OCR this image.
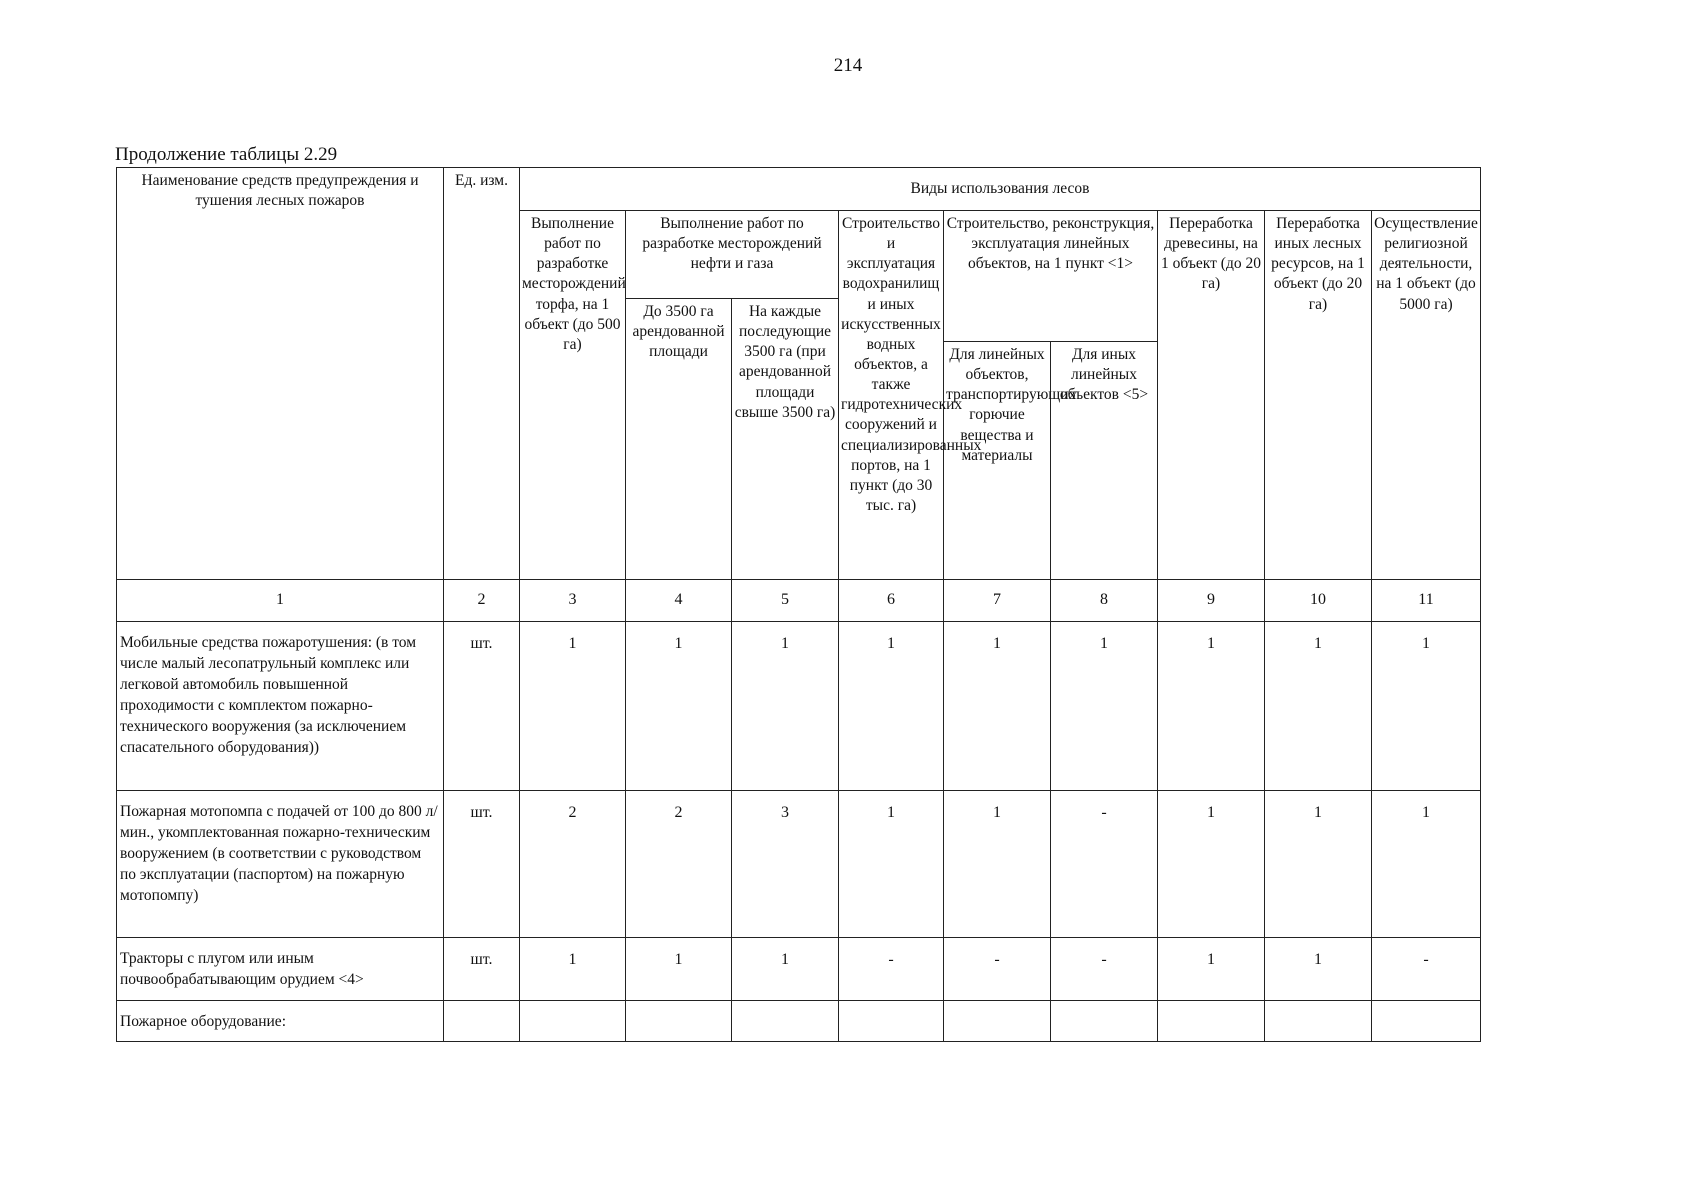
214
Продолжение таблицы 2.29
Наименование средств предупреждения и тушения лесных пожаров	Ед. изм.	Виды использования лесов								

		Выполнение работ по разработке месторождений торфа, на 1 объект (до 500 га)	Выполнение работ по разработке месторождений нефти и газа		Строительство и эксплуатация водохранилищ и иных искусственных водных объектов, а также гидротехнических сооружений и специализированных портов, на 1 пункт (до 30 тыс. га)	Строительство, реконструкция, эксплуатация линейных объектов, на 1 пункт <1>		Переработка древесины, на 1 объект (до 20 га)	Переработка иных лесных ресурсов, на 1 объект (до 20 га)	Осуществление религиозной деятельности, на 1 объект (до 5000 га)

			До 3500 га арендованной площади	На каждые последующие 3500 га (при арендованной площади свыше 3500 га)						

						Для линейных объектов, транспортирующих горючие вещества и материалы	Для иных линейных объектов <5>			

1	2	3	4	5	6	7	8	9	10	11
Мобильные средства пожаротушения: (в том числе малый лесопатрульный комплекс или легковой автомобиль повышенной проходимости с комплектом пожарно-технического вооружения (за исключением спасательного оборудования))	шт.	1	1	1	1	1	1	1	1	1
Пожарная мотопомпа с подачей от 100 до 800 л/мин., укомплектованная пожарно-техническим вооружением (в соответствии с руководством по эксплуатации (паспортом) на пожарную мотопомпу)	шт.	2	2	3	1	1	-	1	1	1
Тракторы с плугом или иным почвообрабатывающим орудием <4>	шт.	1	1	1	-	-	-	1	1	-
Пожарное оборудование:										
